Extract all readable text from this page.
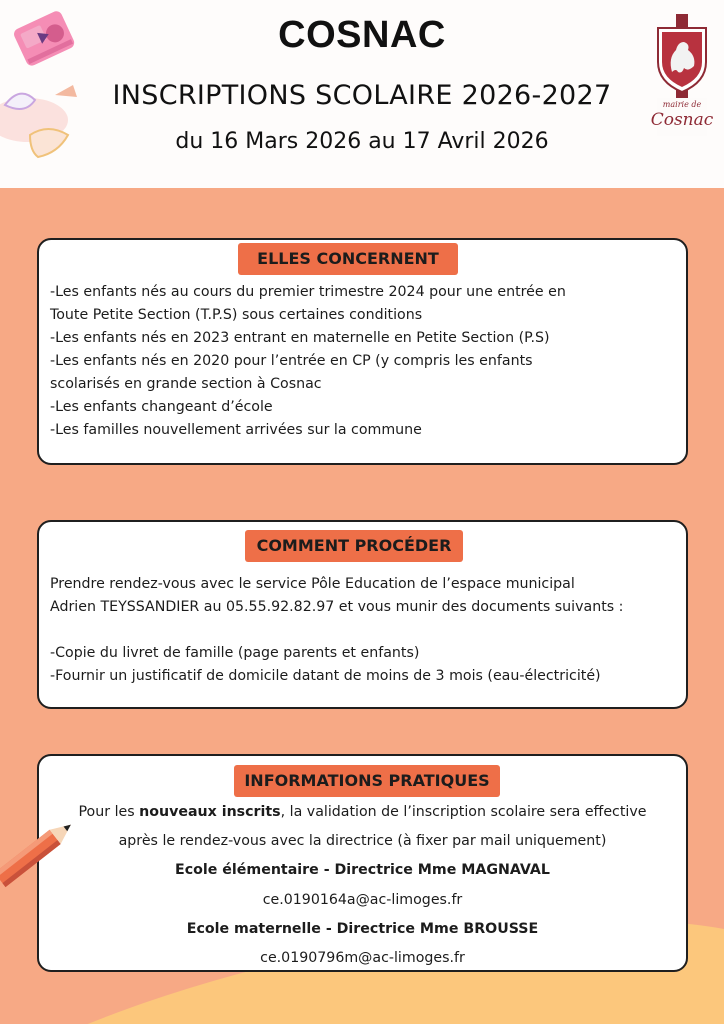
COSNAC
INSCRIPTIONS SCOLAIRE 2026-2027
du 16 Mars 2026 au 17 Avril 2026
mairie de
Cosnac
ELLES CONCERNENT
-Les enfants nés au cours du premier trimestre 2024 pour une entrée en
Toute Petite Section (T.P.S) sous certaines conditions
-Les enfants nés en 2023 entrant en maternelle en Petite Section (P.S)
-Les enfants nés en 2020 pour l’entrée en CP (y compris les enfants
scolarisés en grande section à Cosnac
-Les enfants changeant d’école
-Les familles nouvellement arrivées sur la commune
COMMENT PROCÉDER
Prendre rendez-vous avec le service Pôle Education de l’espace municipal
Adrien TEYSSANDIER au 05.55.92.82.97 et vous munir des documents suivants :
-Copie du livret de famille (page parents et enfants)
-Fournir un justificatif de domicile datant de moins de 3 mois (eau-électricité)
INFORMATIONS PRATIQUES
Pour les nouveaux inscrits, la validation de l’inscription scolaire sera effective
après le rendez-vous avec la directrice (à fixer par mail uniquement)
Ecole élémentaire - Directrice Mme MAGNAVAL
ce.0190164a@ac-limoges.fr
Ecole maternelle - Directrice Mme BROUSSE
ce.0190796m@ac-limoges.fr
